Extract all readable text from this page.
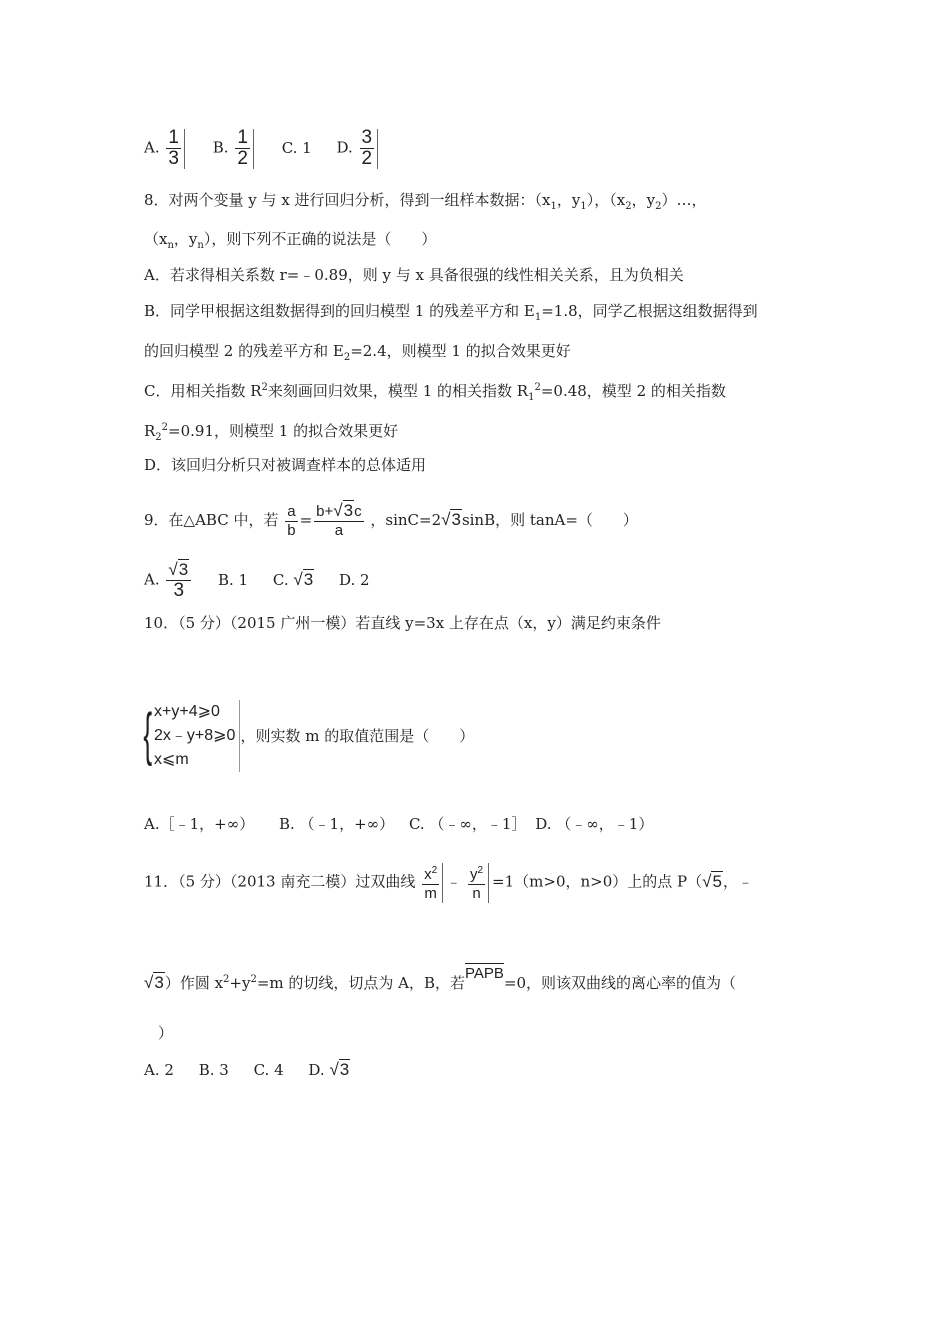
A. $\frac{1}{3} B$. $\frac{1}{2} C$. 1 D. $\frac{3}{2}$
8．对两个变量 y 与 x 进行回归分析，得到一组样本数据：（$x_1$，$y_1$），（$x_2$，$y_2)\dots$，
（$x_n$，$y_n$），则下列不正确的说法是（　　）
A．若求得相关系数 r=﹣0.89，则 y 与 x 具备很强的线性相关关系，且为负相关
B．同学甲根据这组数据得到的回归模型 1 的残差平方和 $E_1=1.8$，同学乙根据这组数据得到
的回归模型 2 的残差平方和 $E_2=2.4$，则模型 1 的拟合效果更好
C．用相关指数 $R^2$来刻画回归效果，模型 1 的相关指数 $R_1^2=0.48$，模型 2 的相关指数
$R_2^2=0.91$，则模型 1 的拟合效果更好
D．该回归分析只对被调查样本的总体适用
9．在△ABC 中，若 $\frac{a}{b} = \frac{b+√3c}{a}$ ，sinC=2√3sinB，则 tanA=（　　）
A. $\frac{√3}{3} B$. 1 C. √3 D. 2
10．（5 分）（2015 广州一模）若直线 y=3x 上存在点（x，y）满足约束条件
{ x+y+4⩾0
2x﹣y+8⩾0
x⩽m
，则实数 m 的取值范围是（　　）
A.［﹣1，+∞） B. （﹣1，+∞） C. （﹣∞，﹣1］ D. （﹣∞，﹣1）
11．（5 分）（2013 南充二模）过双曲线 $\frac{x^2}{m}$ ﹣ $\frac{y^2}{n} =1(m>0$，n>0）上的点 P（√5，﹣
√3）作圆 $x^2+y^2=m$ 的切线，切点为 A，B，若PAPB=0，则该双曲线的离心率的值为（
）
A. 2 B. 3 C. 4 D. √3
